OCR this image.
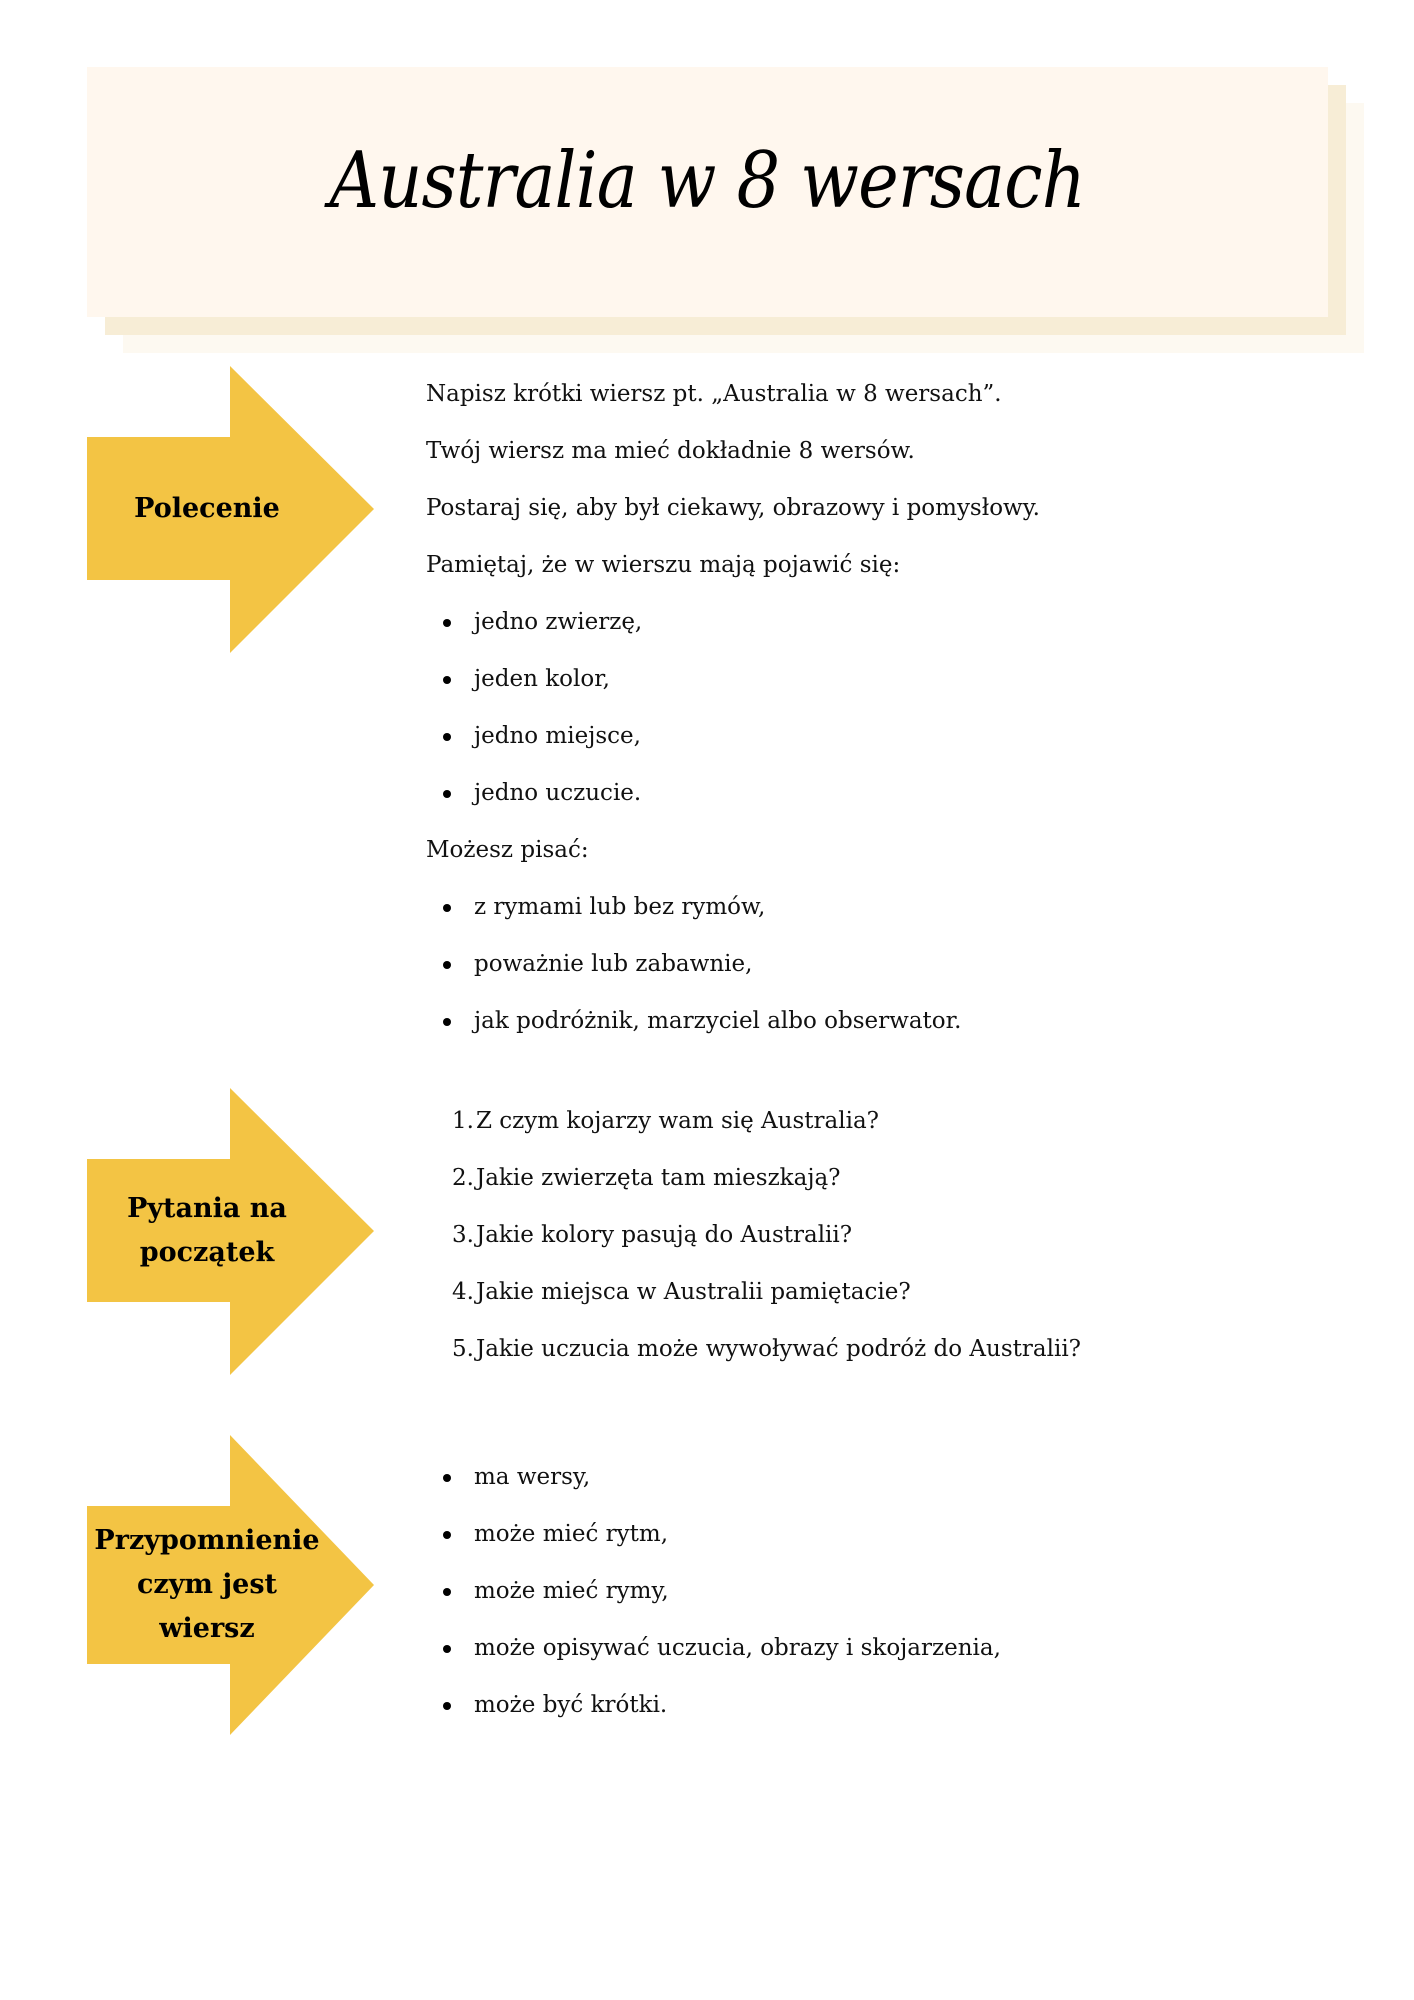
Australia w 8 wersach
Polecenie
Napisz krótki wiersz pt. „Australia w 8 wersach”.
Twój wiersz ma mieć dokładnie 8 wersów.
Postaraj się, aby był ciekawy, obrazowy i pomysłowy.
Pamiętaj, że w wierszu mają pojawić się:
jedno zwierzę,
jeden kolor,
jedno miejsce,
jedno uczucie.
Możesz pisać:
z rymami lub bez rymów,
poważnie lub zabawnie,
jak podróżnik, marzyciel albo obserwator.
Pytania na
początek
1. Z czym kojarzy wam się Australia?
2. Jakie zwierzęta tam mieszkają?
3. Jakie kolory pasują do Australii?
4. Jakie miejsca w Australii pamiętacie?
5. Jakie uczucia może wywoływać podróż do Australii?
Przypomnienie
czym jest
wiersz
ma wersy,
może mieć rytm,
może mieć rymy,
może opisywać uczucia, obrazy i skojarzenia,
może być krótki.
